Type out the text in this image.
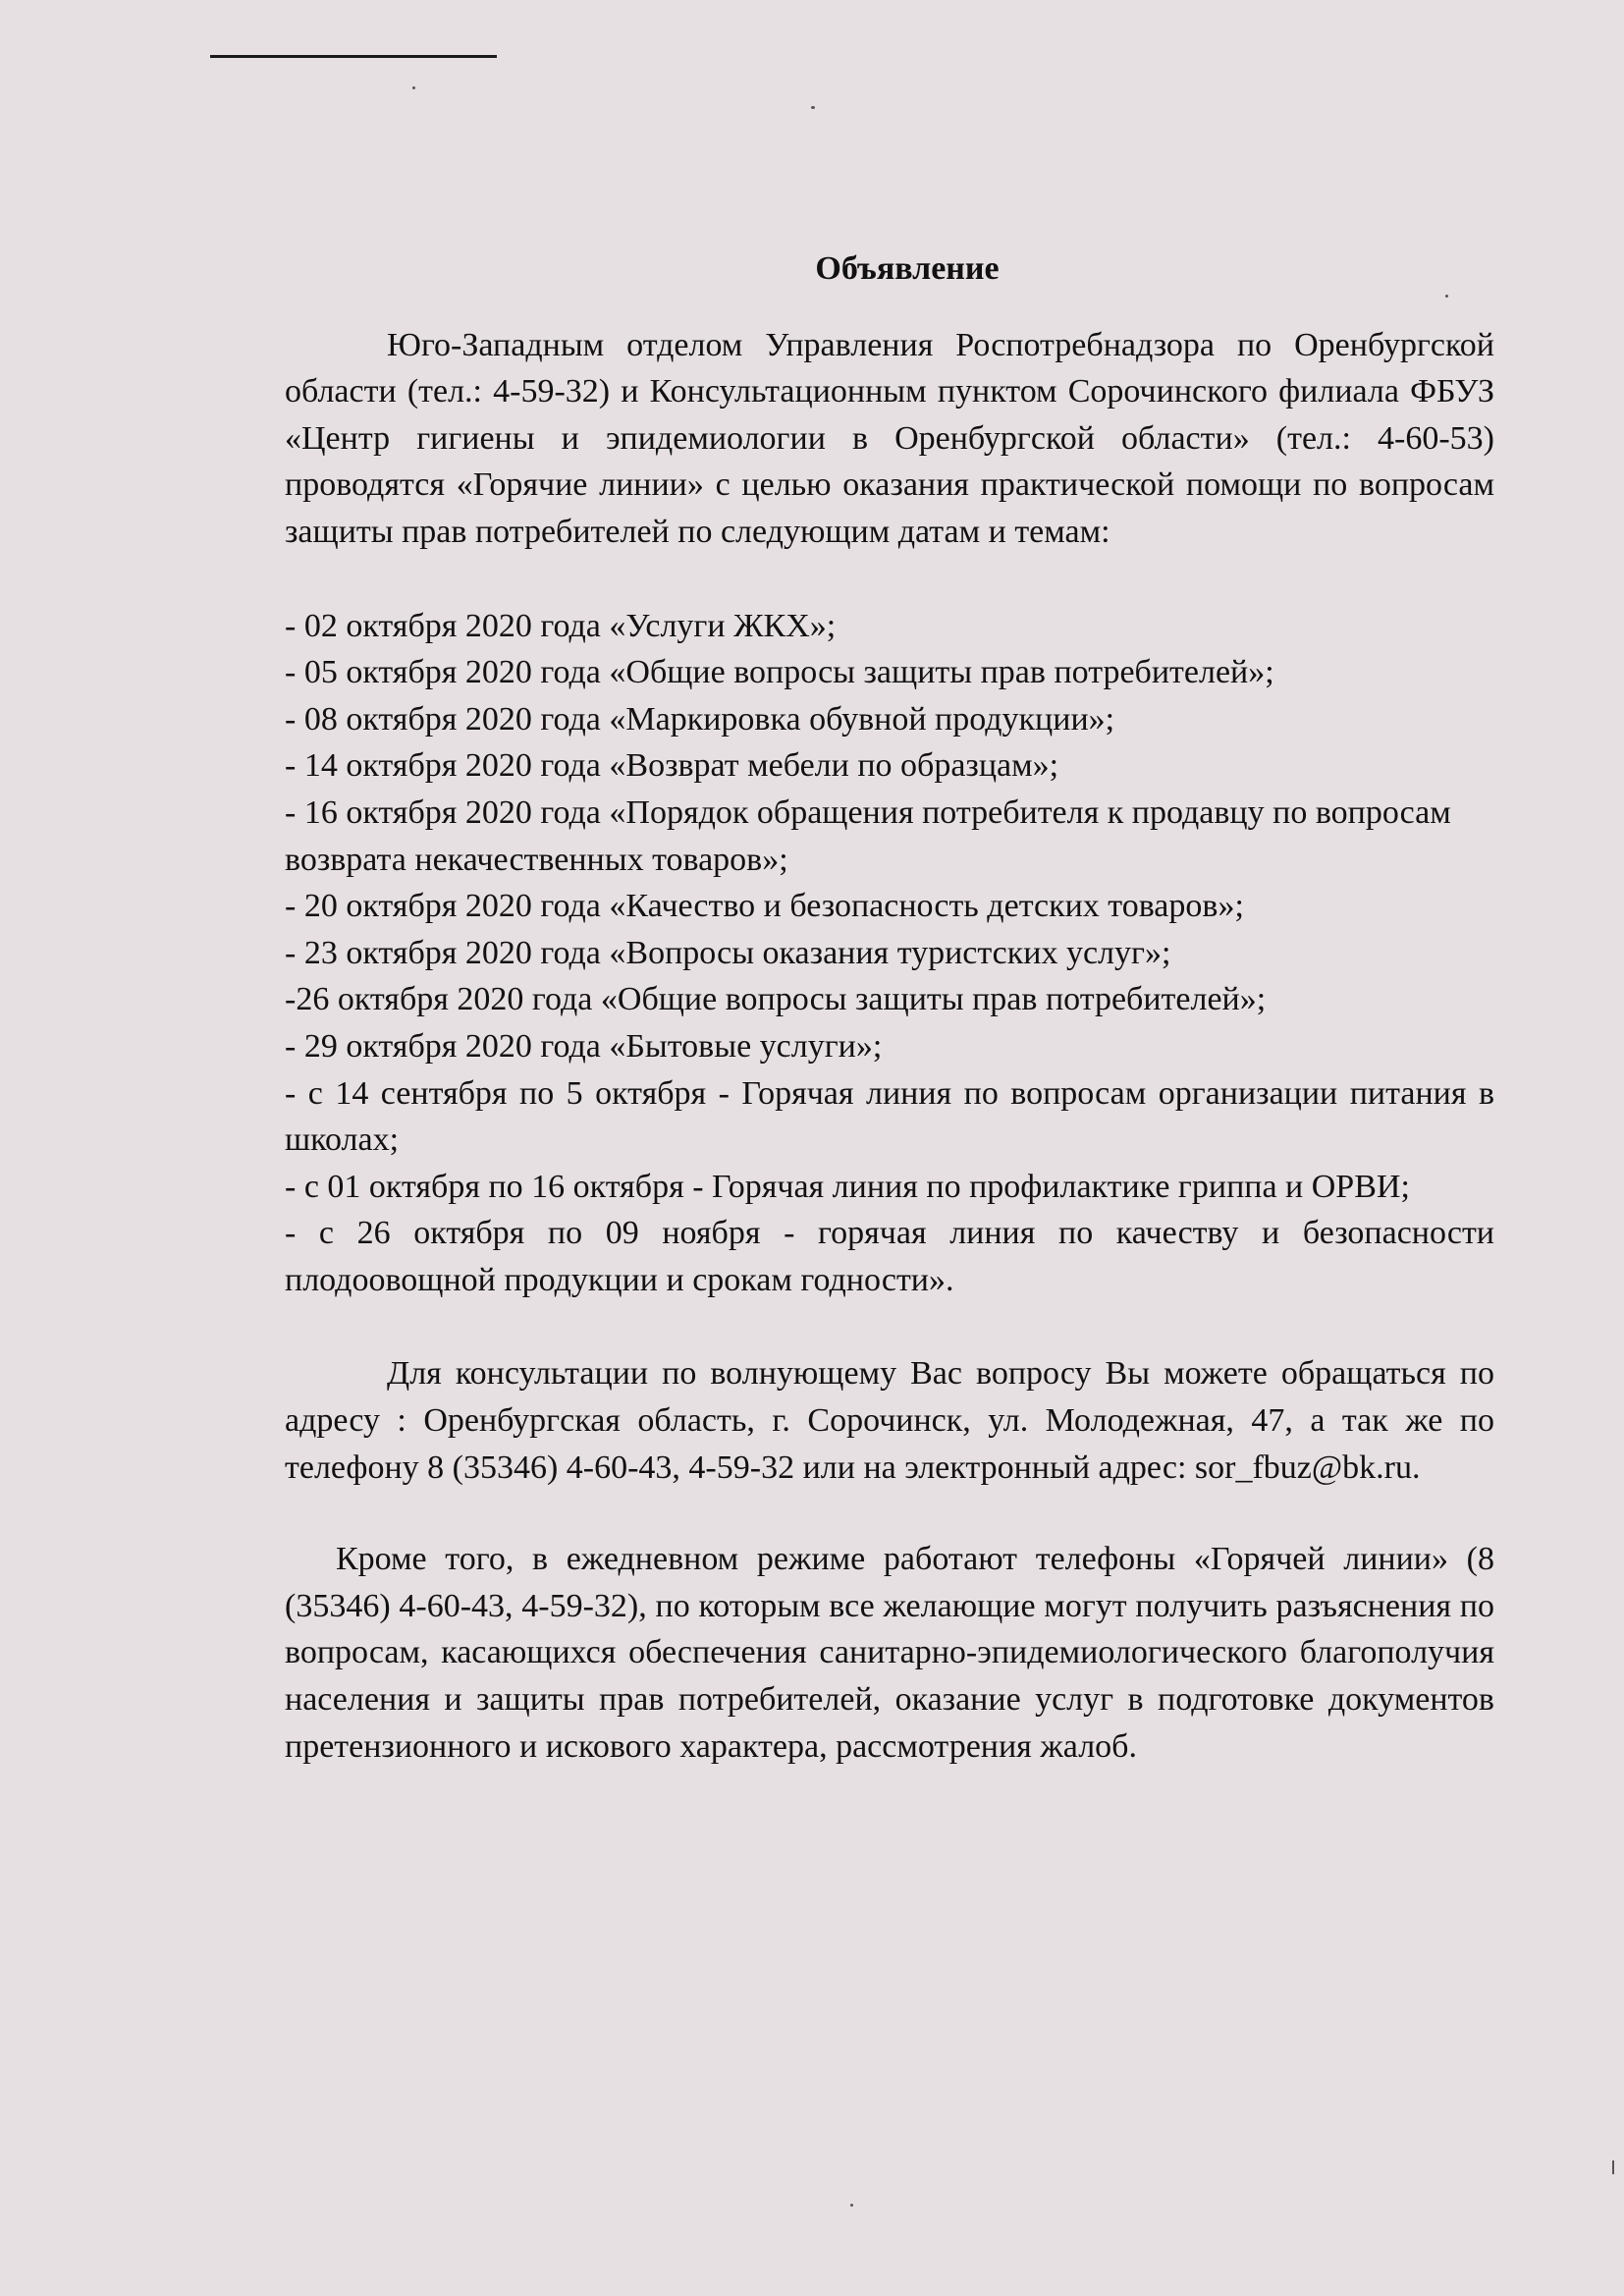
Объявление

Юго-Западным отделом Управления Роспотребнадзора по Оренбургской области (тел.: 4-59-32) и Консультационным пунктом Сорочинского филиала ФБУЗ «Центр гигиены и эпидемиологии в Оренбургской области» (тел.: 4-60-53) проводятся «Горячие линии» с целью оказания практической помощи по вопросам защиты прав потребителей по следующим датам и темам:

- 02 октября 2020 года «Услуги ЖКХ»;
- 05 октября 2020 года «Общие вопросы защиты прав потребителей»;
- 08 октября 2020 года «Маркировка обувной продукции»;
- 14 октября 2020 года «Возврат мебели по образцам»;
- 16 октября 2020 года «Порядок обращения потребителя к продавцу по вопросам возврата некачественных товаров»;
- 20 октября 2020 года «Качество и безопасность детских товаров»;
- 23 октября 2020 года «Вопросы оказания туристских услуг»;
-26 октября 2020 года «Общие вопросы защиты прав потребителей»;
- 29 октября 2020 года «Бытовые услуги»;
- с 14 сентября по 5 октября - Горячая линия по вопросам организации питания в школах;
- с 01 октября по 16 октября - Горячая линия по профилактике гриппа и ОРВИ;
- с 26 октября по 09 ноября - горячая линия по качеству и безопасности плодоовощной продукции и срокам годности».

Для консультации по волнующему Вас вопросу Вы можете обращаться по адресу : Оренбургская область, г. Сорочинск, ул. Молодежная, 47, а так же по телефону 8 (35346) 4-60-43, 4-59-32 или на электронный адрес: sor_fbuz@bk.ru.

Кроме того, в ежедневном режиме работают телефоны «Горячей линии» (8 (35346) 4-60-43, 4-59-32), по которым все желающие могут получить разъяснения по вопросам, касающихся обеспечения санитарно-эпидемиологического благополучия населения и защиты прав потребителей, оказание услуг в подготовке документов претензионного и искового характера, рассмотрения жалоб.
